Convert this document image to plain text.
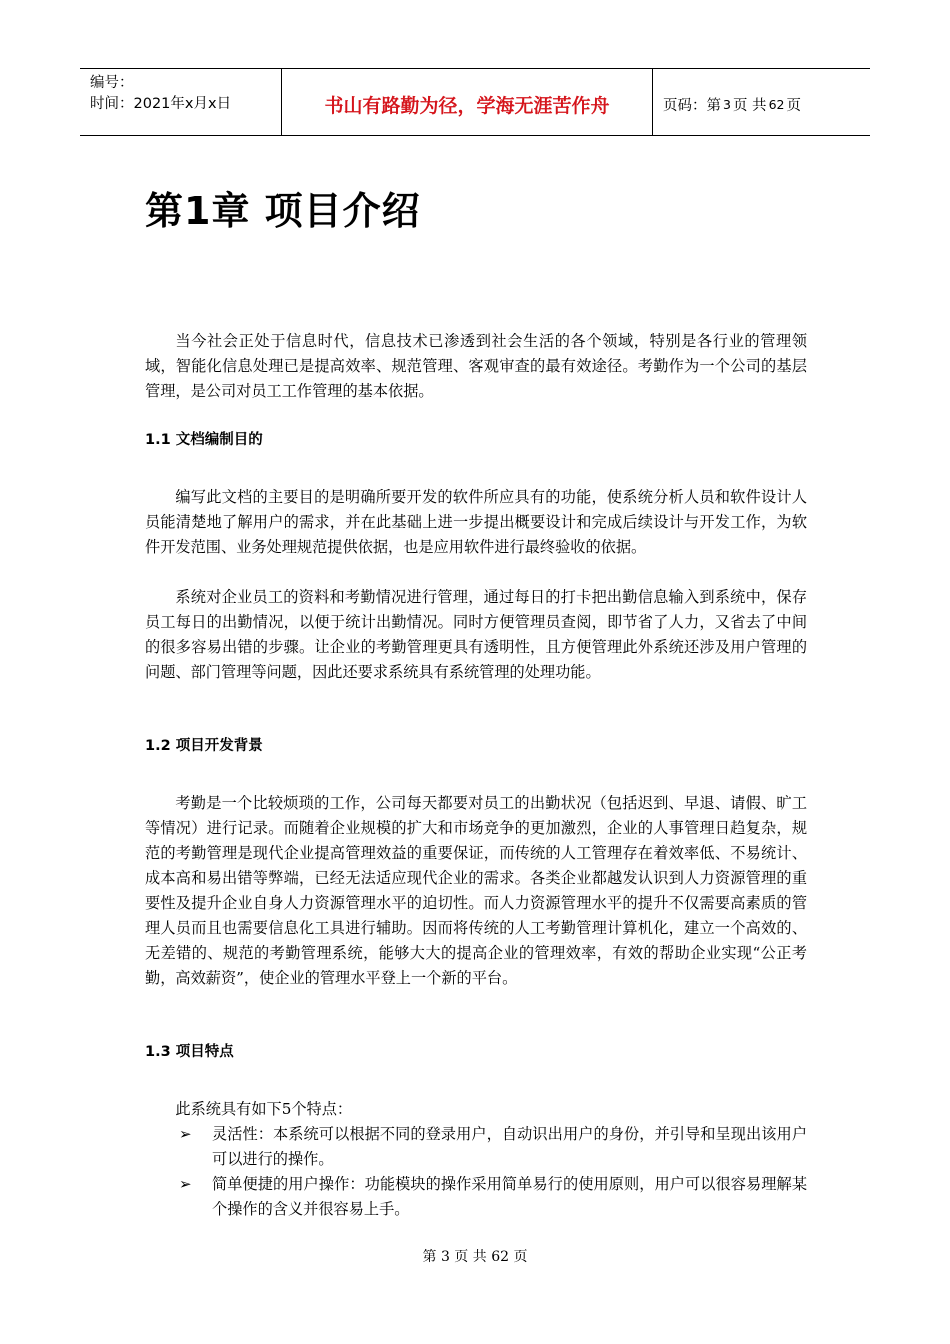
编号：
时间：2021年x月x日	书山有路勤为径，学海无涯苦作舟	页码：第 3 页 共 62 页
第1章 项目介绍

当今社会正处于信息时代，信息技术已渗透到社会生活的各个领域，特别是各行业的管理领域，智能化信息处理已是提高效率、规范管理、客观审查的最有效途径。考勤作为一个公司的基层管理，是公司对员工工作管理的基本依据。

1.1 文档编制目的

编写此文档的主要目的是明确所要开发的软件所应具有的功能，使系统分析人员和软件设计人员能清楚地了解用户的需求，并在此基础上进一步提出概要设计和完成后续设计与开发工作，为软件开发范围、业务处理规范提供依据，也是应用软件进行最终验收的依据。

系统对企业员工的资料和考勤情况进行管理，通过每日的打卡把出勤信息输入到系统中，保存员工每日的出勤情况，以便于统计出勤情况。同时方便管理员查阅，即节省了人力，又省去了中间的很多容易出错的步骤。让企业的考勤管理更具有透明性，且方便管理此外系统还涉及用户管理的问题、部门管理等问题，因此还要求系统具有系统管理的处理功能。

1.2 项目开发背景

考勤是一个比较烦琐的工作，公司每天都要对员工的出勤状况（包括迟到、早退、请假、旷工等情况）进行记录。而随着企业规模的扩大和市场竞争的更加激烈，企业的人事管理日趋复杂，规范的考勤管理是现代企业提高管理效益的重要保证，而传统的人工管理存在着效率低、不易统计、成本高和易出错等弊端，已经无法适应现代企业的需求。各类企业都越发认识到人力资源管理的重要性及提升企业自身人力资源管理水平的迫切性。而人力资源管理水平的提升不仅需要高素质的管理人员而且也需要信息化工具进行辅助。因而将传统的人工考勤管理计算机化，建立一个高效的、无差错的、规范的考勤管理系统，能够大大的提高企业的管理效率，有效的帮助企业实现“公正考勤，高效薪资”，使企业的管理水平登上一个新的平台。

1.3 项目特点

此系统具有如下5个特点：

➢	灵活性：本系统可以根据不同的登录用户，自动识出用户的身份，并引导和呈现出该用户可以进行的操作。
➢	简单便捷的用户操作：功能模块的操作采用简单易行的使用原则，用户可以很容易理解某个操作的含义并很容易上手。
第 3 页 共 62 页
